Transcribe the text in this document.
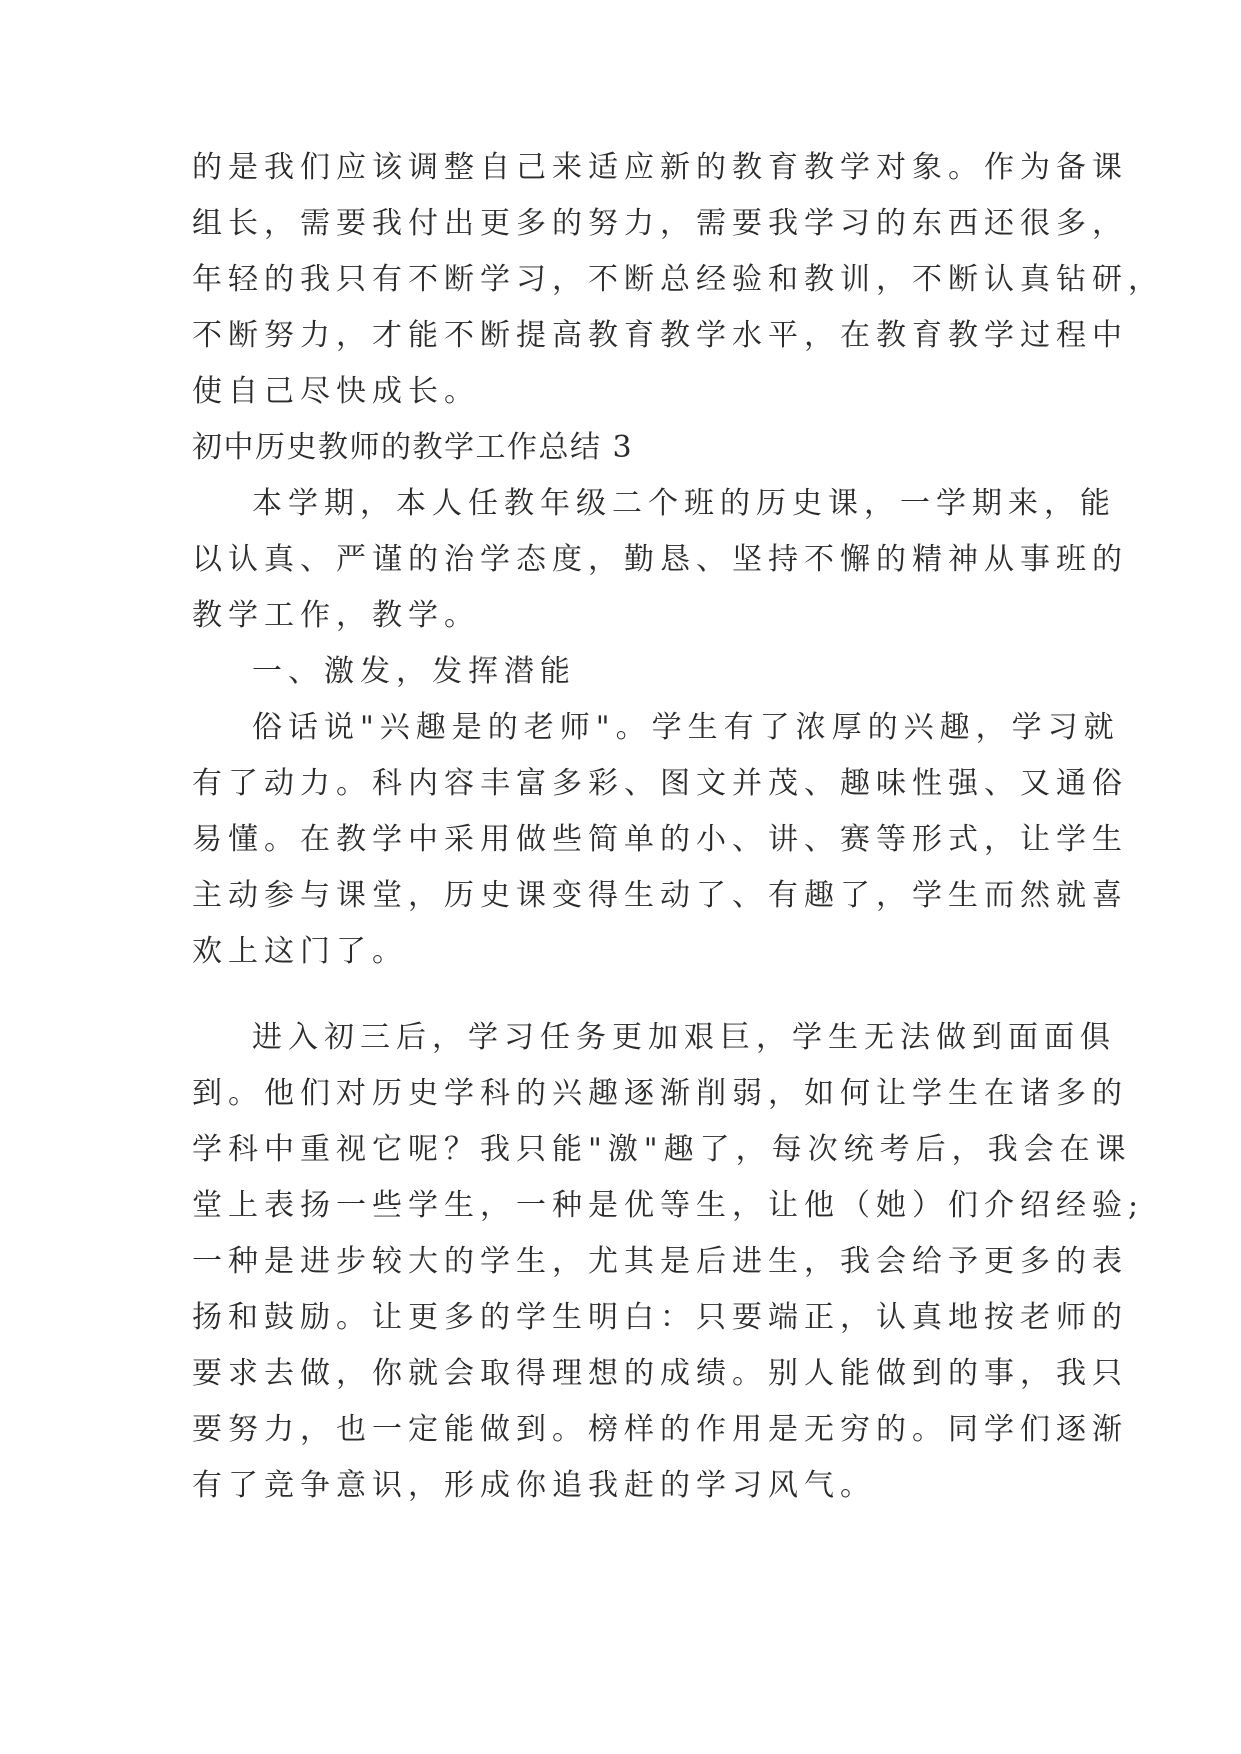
的是我们应该调整自己来适应新的教育教学对象。作为备课
组长，需要我付出更多的努力，需要我学习的东西还很多，
年轻的我只有不断学习，不断总经验和教训，不断认真钻研，
不断努力，才能不断提高教育教学水平，在教育教学过程中
使自己尽快成长。
初中历史教师的教学工作总结 3
本学期，本人任教年级二个班的历史课，一学期来，能
以认真、严谨的治学态度，勤恳、坚持不懈的精神从事班的
教学工作，教学。
一、激发，发挥潜能
俗话说"兴趣是的老师"。学生有了浓厚的兴趣，学习就
有了动力。科内容丰富多彩、图文并茂、趣味性强、又通俗
易懂。在教学中采用做些简单的小、讲、赛等形式，让学生
主动参与课堂，历史课变得生动了、有趣了，学生而然就喜
欢上这门了。
进入初三后，学习任务更加艰巨，学生无法做到面面俱
到。他们对历史学科的兴趣逐渐削弱，如何让学生在诸多的
学科中重视它呢？我只能"激"趣了，每次统考后，我会在课
堂上表扬一些学生，一种是优等生，让他（她）们介绍经验;
一种是进步较大的学生，尤其是后进生，我会给予更多的表
扬和鼓励。让更多的学生明白：只要端正，认真地按老师的
要求去做，你就会取得理想的成绩。别人能做到的事，我只
要努力，也一定能做到。榜样的作用是无穷的。同学们逐渐
有了竞争意识，形成你追我赶的学习风气。
